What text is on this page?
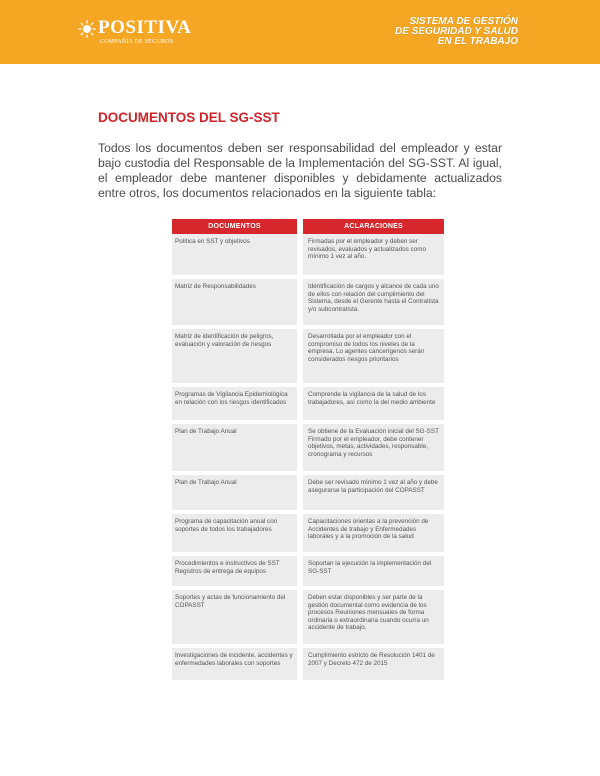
POSITIVA
COMPAÑÍA DE SEGUROS
SISTEMA DE GESTIÓN
DE SEGURIDAD Y SALUD
EN EL TRABAJO
DOCUMENTOS DEL SG-SST

Todos los documentos deben ser responsabilidad del empleador y estar bajo custodia del Responsable de la Implementación del SG-SST. Al igual, el empleador debe mantener disponibles y debidamente actualizados entre otros, los documentos relacionados en la siguiente tabla:

DOCUMENTOS		ACLARACIONES
Política en SST y objetivos		Firmadas por el empleador y deben ser revisados, evaluados y actualizados como mínimo 1 vez al año.
Matriz de Responsabilidades		Identificación de cargos y alcance de cada uno de ellos con relación del cumplimiento del Sistema, desde el Gerente hasta el Contratista y/o subcontratista.
Matriz de identificación de peligros, evaluación y valoración de riesgos		Desarrollada por el empleador con el compromiso de todos los niveles de la empresa. Lo agentes cancerígenos serán considerados riesgos prioritarios
Programas de Vigilancia Epidemiológica en relación con los riesgos identificados		Comprende la vigilancia de la salud de los trabajadores, así como la del medio ambiente
Plan de Trabajo Anual		Se obtiene de la Evaluación inicial del SG-SST Firmado por el empleador, debe contener objetivos, metas, actividades, responsable, cronograma y recursos
Plan de Trabajo Anual		Debe ser revisado mínimo 1 vez al año y debe asegurarse la participación del COPASST
Programa de capacitación anual con soportes de todos los trabajadores		Capacitaciones orientas a la prevención de Accidentes de trabajo y Enfermedades laborales y a la promoción de la salud
Procedimientos e instructivos de SST Registros de entrega de equipos		Soportan la ejecución la implementación del SG-SST
Soportes y actas de funcionamiento del COPASST		Deben estar disponibles y ser parte de la gestión documental como evidencia de los procesos Reuniones mensuales de forma ordinaria o extraordinaria cuando ocurra un accidente de trabajo.
Investigaciones de incidente, accidentes y enfermedades laborales con soportes		Cumplimiento estricto de Resolución 1401 de 2007 y Decreto 472 de 2015
